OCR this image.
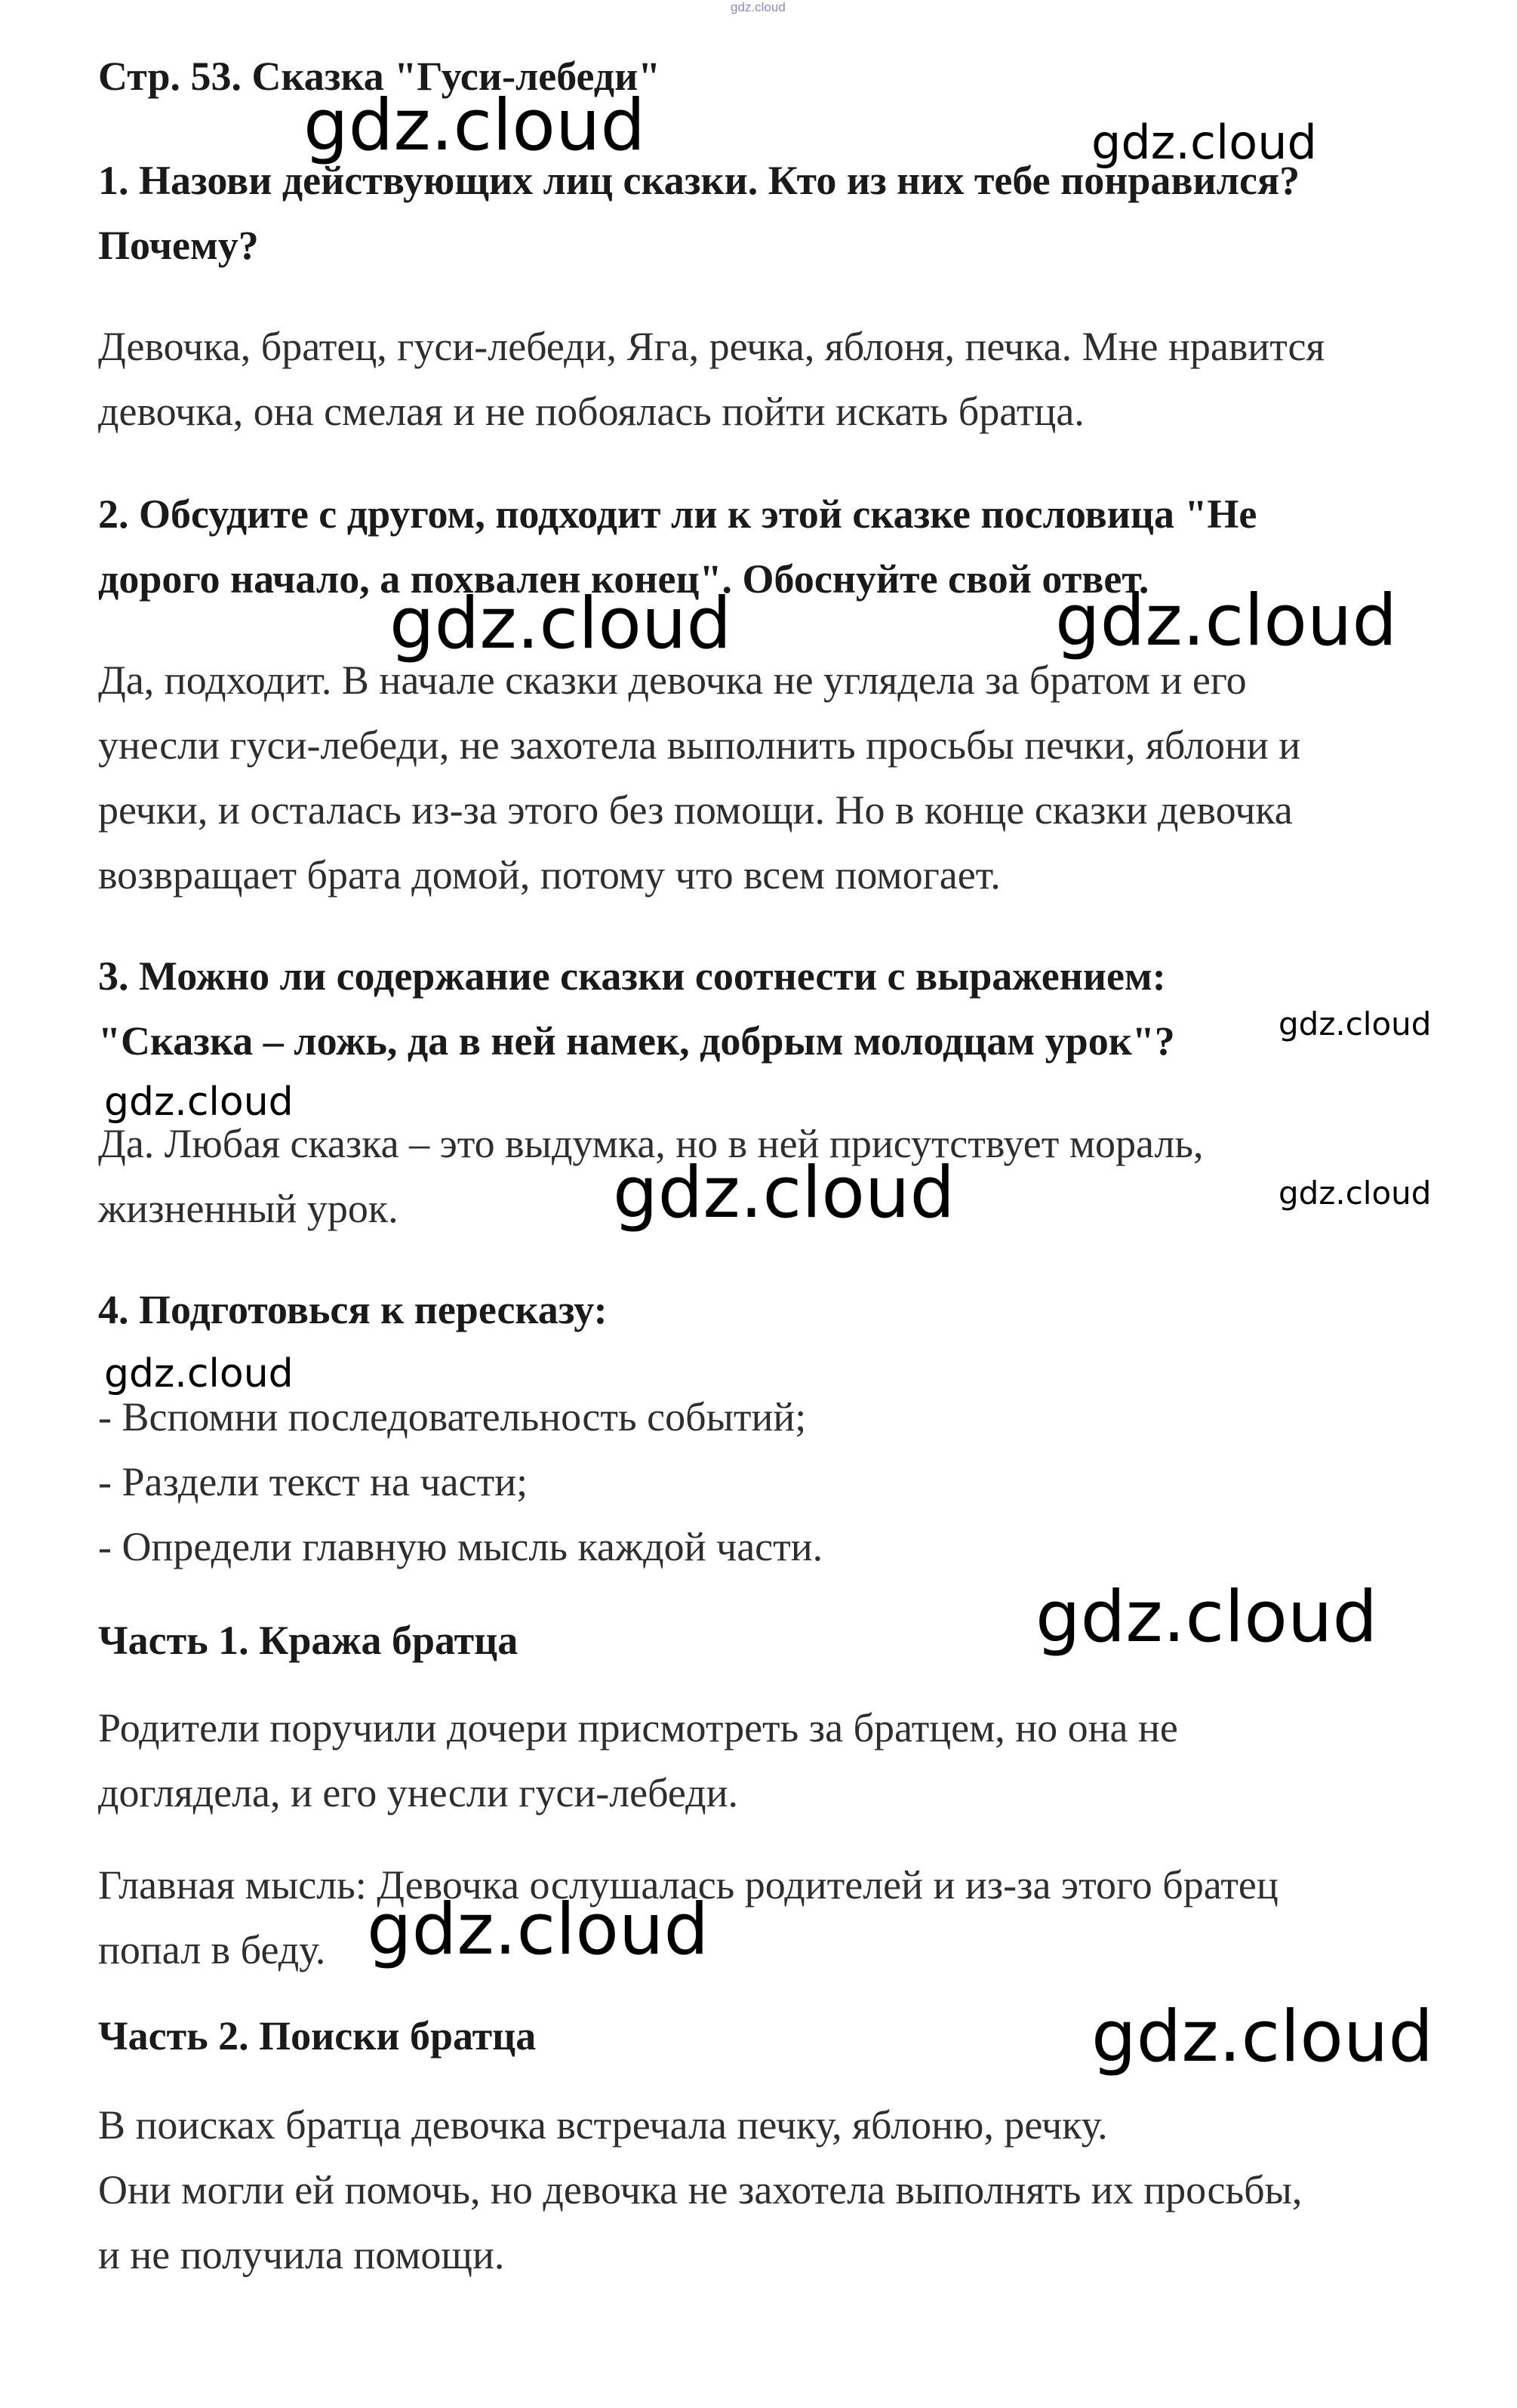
gdz.cloud
Стр. 53. Сказка "Гуси-лебеди"
1. Назови действующих лиц сказки. Кто из них тебе понравился?
Почему?
Девочка, братец, гуси-лебеди, Яга, речка, яблоня, печка. Мне нравится
девочка, она смелая и не побоялась пойти искать братца.
2. Обсудите с другом, подходит ли к этой сказке пословица "Не
дорого начало, а похвален конец". Обоснуйте свой ответ.
Да, подходит. В начале сказки девочка не углядела за братом и его
унесли гуси-лебеди, не захотела выполнить просьбы печки, яблони и
речки, и осталась из-за этого без помощи. Но в конце сказки девочка
возвращает брата домой, потому что всем помогает.
3. Можно ли содержание сказки соотнести с выражением:
"Сказка – ложь, да в ней намек, добрым молодцам урок"?
Да. Любая сказка – это выдумка, но в ней присутствует мораль,
жизненный урок.
4. Подготовься к пересказу:
- Вспомни последовательность событий;
- Раздели текст на части;
- Определи главную мысль каждой части.
Часть 1. Кража братца
Родители поручили дочери присмотреть за братцем, но она не
доглядела, и его унесли гуси-лебеди.
Главная мысль: Девочка ослушалась родителей и из-за этого братец
попал в беду.
Часть 2. Поиски братца
В поисках братца девочка встречала печку, яблоню, речку.
Они могли ей помочь, но девочка не захотела выполнять их просьбы,
и не получила помощи.
gdz.cloud	gdz.cloud
gdz.cloud	gdz.cloud
gdz.cloud
gdz.cloud
gdz.cloud	gdz.cloud
gdz.cloud
gdz.cloud
gdz.cloud
gdz.cloud
